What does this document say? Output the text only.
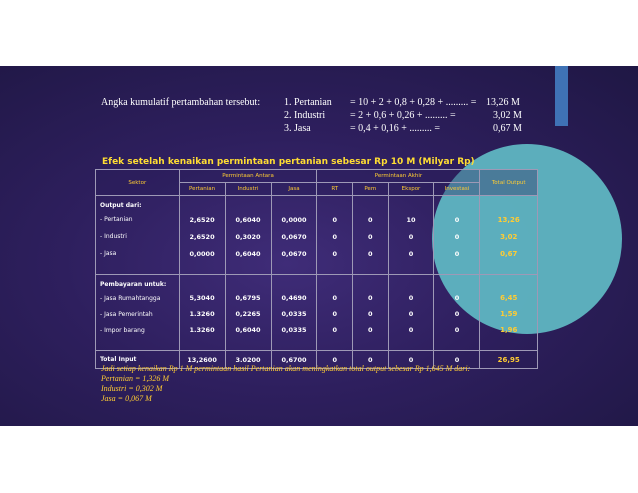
Angka kumulatif pertambahan tersebut: 1. Pertanian = 10 + 2 + 0,8 + 0,28 + ......... = 13,26 M
2. Industri = 2 + 0,6 + 0,26 + ......... =	3,02 M
3. Jasa	= 0,4 + 0,16 + ......... =	0,67 M
Efek setelah kenaikan permintaan pertanian sebesar Rp 10 M (Milyar Rp)
Sektor	Permintaan Antara			Permintaan Akhir				Total Output
	Pertanian	Industri	Jasa	RT	Pem	Ekspor	Investasi	
Output dari:								
- Pertanian	2,6520	0,6040	0,0000	0	0	10	0	13,26
- Industri	2,6520	0,3020	0,0670	0	0	0	0	3,02
- Jasa	0,0000	0,6040	0,0670	0	0	0	0	0,67

Pembayaran untuk:								
- Jasa Rumahtangga	5,3040	0,6795	0,4690	0	0	0	0	6,45
- Jasa Pemerintah	1.3260	0,2265	0,0335	0	0	0	0	1,59
- Impor barang	1.3260	0,6040	0,0335	0	0	0	0	1,96

Total Input	13,2600	3.0200	0,6700	0	0	0	0	26,95
Jadi setiap kenaikan Rp 1 M permintaan hasil Pertanian akan meningkatkan total output sebesar Rp 1,645 M dari:
Pertanian = 1,326 M
Industri = 0,302 M
Jasa = 0,067 M
